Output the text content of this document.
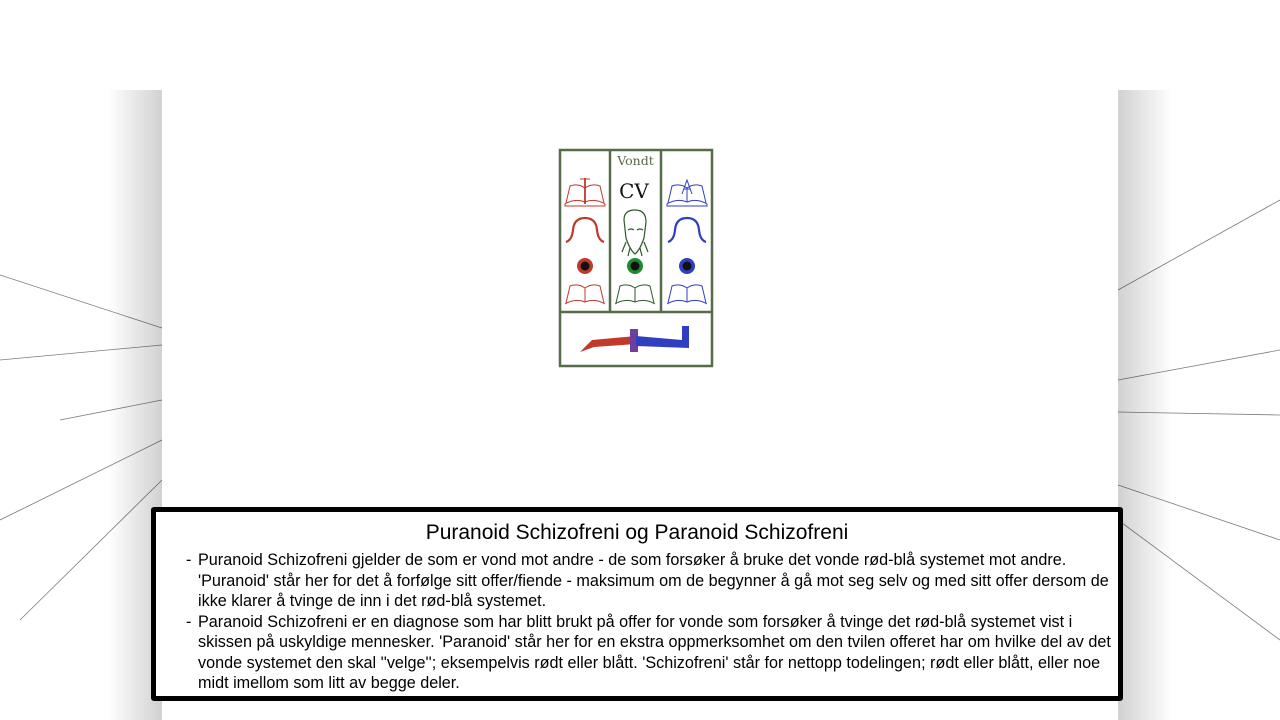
Vondt
CV
Puranoid Schizofreni og Paranoid Schizofreni
- Puranoid Schizofreni gjelder de som er vond mot andre - de som forsøker å bruke det vonde rød-blå systemet mot andre. 'Puranoid' står her for det å forfølge sitt offer/fiende - maksimum om de begynner å gå mot seg selv og med sitt offer dersom de ikke klarer å tvinge de inn i det rød-blå systemet.
- Paranoid Schizofreni er en diagnose som har blitt brukt på offer for vonde som forsøker å tvinge det rød-blå systemet vist i skissen på uskyldige mennesker. 'Paranoid' står her for en ekstra oppmerksomhet om den tvilen offeret har om hvilke del av det vonde systemet den skal ''velge''; eksempelvis rødt eller blått. 'Schizofreni' står for nettopp todelingen; rødt eller blått, eller noe midt imellom som litt av begge deler.
